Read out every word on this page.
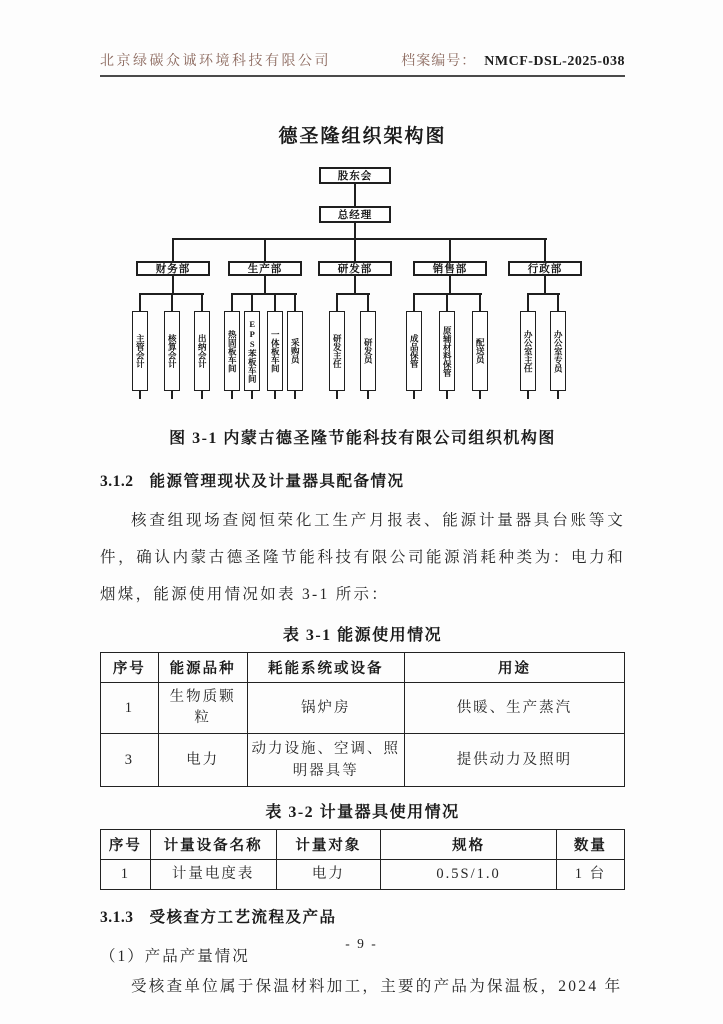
北京绿碳众诚环境科技有限公司	档案编号： NMCF-DSL-2025-038
德圣隆组织架构图
股东会
总经理
财务部	生产部	研发部	销售部	行政部
主管会计	核算会计 出纳会计 热固板车间 EPS苯板车间 一体板车间 采购员	研发主任 研发员	成品保管	原辅材料保管	配送员	办公室主任 办公室专员
图 3-1 内蒙古德圣隆节能科技有限公司组织机构图
3.1.2 能源管理现状及计量器具配备情况
核查组现场查阅恒荣化工生产月报表、能源计量器具台账等文件，确认内蒙古德圣隆节能科技有限公司能源消耗种类为：电力和烟煤，能源使用情况如表 3-1 所示：
表 3-1 能源使用情况
序号	能源品种	耗能系统或设备	用途
1	生物质颗粒	锅炉房	供暖、生产蒸汽
3	电力	动力设施、空调、照明器具等	提供动力及照明
表 3-2 计量器具使用情况
序号	计量设备名称	计量对象	规格	数量
1	计量电度表	电力	0.5S/1.0	1 台
3.1.3 受核查方工艺流程及产品
（1）产品产量情况
受核查单位属于保温材料加工，主要的产品为保温板，2024 年
- 9 -
